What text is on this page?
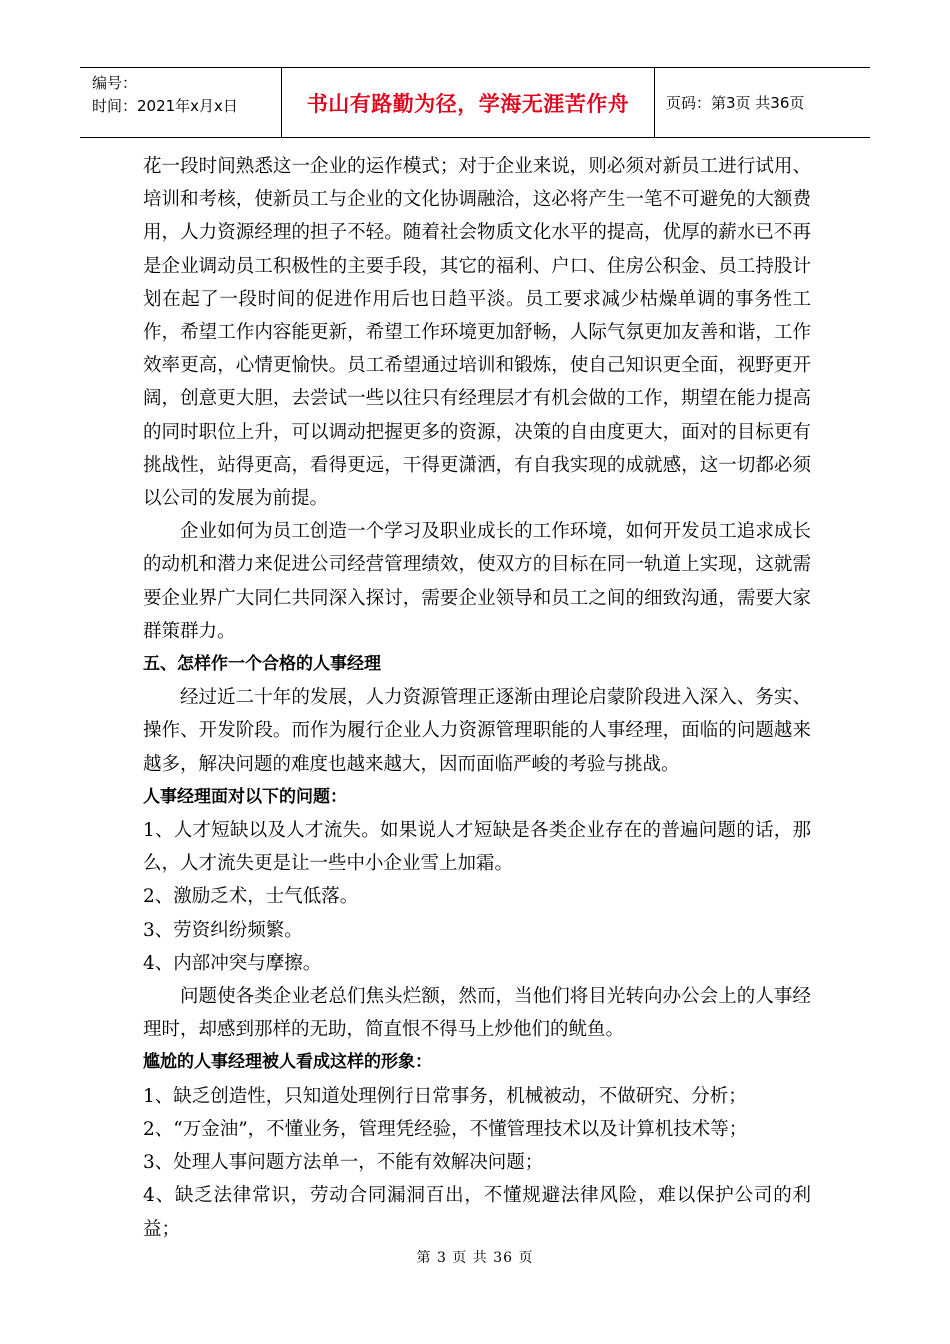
编号：
时间：2021年x月x日	书山有路勤为径，学海无涯苦作舟	页码：第3页 共36页

花一段时间熟悉这一企业的运作模式；对于企业来说，则必须对新员工进行试用、培训和考核，使新员工与企业的文化协调融洽，这必将产生一笔不可避免的大额费用，人力资源经理的担子不轻。随着社会物质文化水平的提高，优厚的薪水已不再是企业调动员工积极性的主要手段，其它的福利、户口、住房公积金、员工持股计划在起了一段时间的促进作用后也日趋平淡。员工要求减少枯燥单调的事务性工作，希望工作内容能更新，希望工作环境更加舒畅，人际气氛更加友善和谐，工作效率更高，心情更愉快。员工希望通过培训和锻炼，使自己知识更全面，视野更开阔，创意更大胆，去尝试一些以往只有经理层才有机会做的工作，期望在能力提高的同时职位上升，可以调动把握更多的资源，决策的自由度更大，面对的目标更有挑战性，站得更高，看得更远，干得更潇洒，有自我实现的成就感，这一切都必须以公司的发展为前提。

企业如何为员工创造一个学习及职业成长的工作环境，如何开发员工追求成长的动机和潜力来促进公司经营管理绩效，使双方的目标在同一轨道上实现，这就需要企业界广大同仁共同深入探讨，需要企业领导和员工之间的细致沟通，需要大家群策群力。

五、怎样作一个合格的人事经理

经过近二十年的发展，人力资源管理正逐渐由理论启蒙阶段进入深入、务实、操作、开发阶段。而作为履行企业人力资源管理职能的人事经理，面临的问题越来越多，解决问题的难度也越来越大，因而面临严峻的考验与挑战。

人事经理面对以下的问题：

1、人才短缺以及人才流失。如果说人才短缺是各类企业存在的普遍问题的话，那么，人才流失更是让一些中小企业雪上加霜。

2、激励乏术，士气低落。

3、劳资纠纷频繁。

4、内部冲突与摩擦。

问题使各类企业老总们焦头烂额，然而，当他们将目光转向办公会上的人事经理时，却感到那样的无助，简直恨不得马上炒他们的鱿鱼。

尴尬的人事经理被人看成这样的形象：

1、缺乏创造性，只知道处理例行日常事务，机械被动，不做研究、分析；

2、“万金油”，不懂业务，管理凭经验，不懂管理技术以及计算机技术等；

3、处理人事问题方法单一，不能有效解决问题；

4、缺乏法律常识，劳动合同漏洞百出，不懂规避法律风险，难以保护公司的利益；

第 3 页 共 36 页
